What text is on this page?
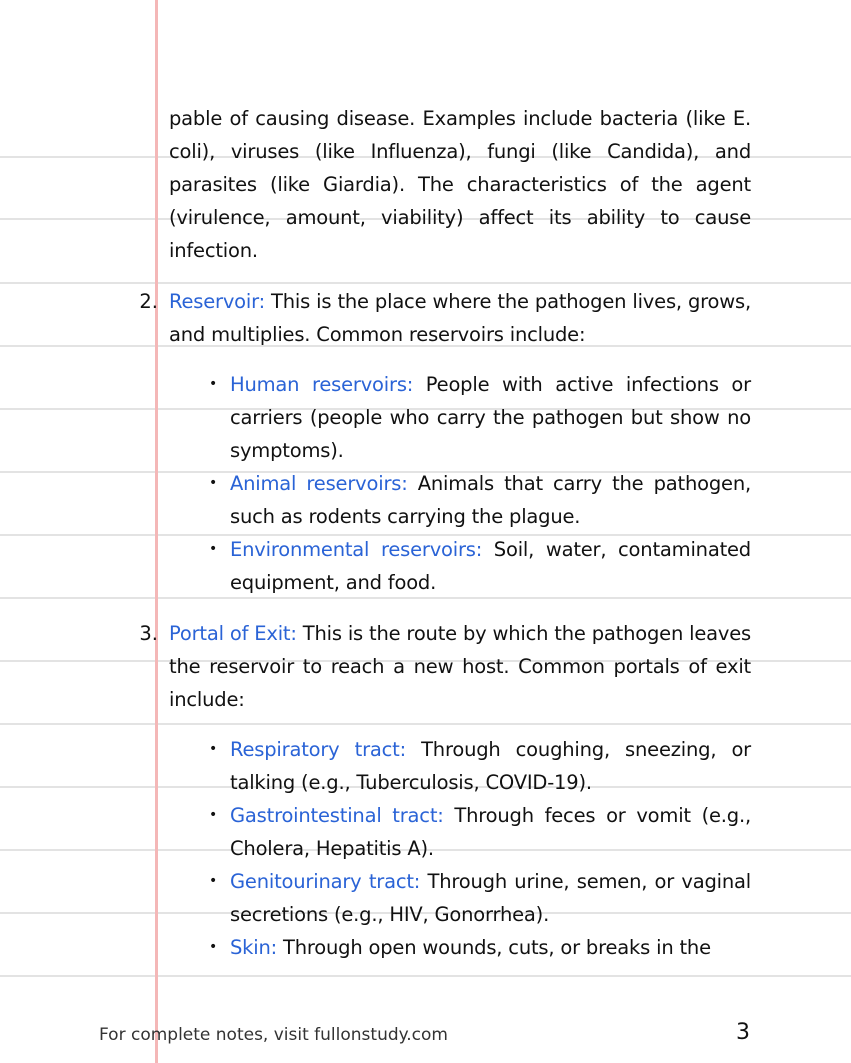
pable of causing disease. Examples include bacteria (like E. coli), viruses (like Influenza), fungi (like Candida), and parasites (like Giardia). The characteristics of the agent (virulence, amount, viability) affect its ability to cause infection.

2. Reservoir: This is the place where the pathogen lives, grows, and multiplies. Common reservoirs include:

• Human reservoirs: People with active infections or carriers (people who carry the pathogen but show no symptoms).
• Animal reservoirs: Animals that carry the pathogen, such as rodents carrying the plague.
• Environmental reservoirs: Soil, water, contaminated equipment, and food.
3. Portal of Exit: This is the route by which the pathogen leaves the reservoir to reach a new host. Common portals of exit include:

• Respiratory tract: Through coughing, sneezing, or talking (e.g., Tuberculosis, COVID-19).
• Gastrointestinal tract: Through feces or vomit (e.g., Cholera, Hepatitis A).
• Genitourinary tract: Through urine, semen, or vaginal secretions (e.g., HIV, Gonorrhea).
• Skin: Through open wounds, cuts, or breaks in the
For complete notes, visit fullonstudy.com	3
